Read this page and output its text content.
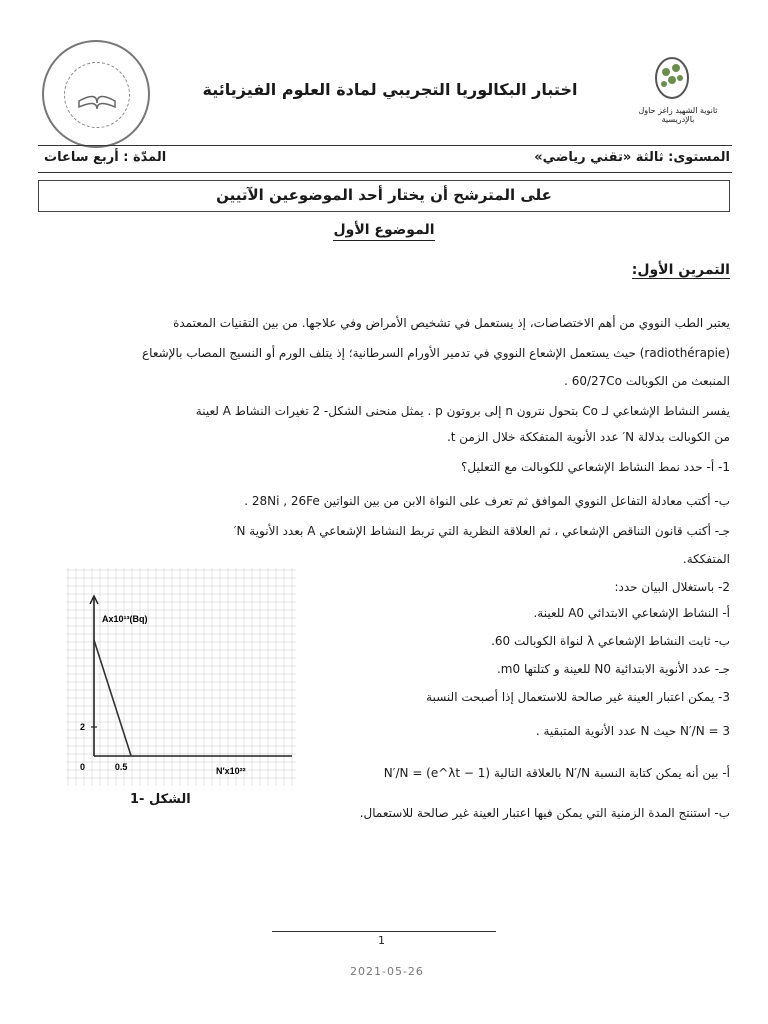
ثانوية الشهيد زاغز حاول بالإدريسية
اختبار البكالوريا التجريبي لمادة العلوم الفيزيائية
المستوى: ثالثة «تقني رياضي»
المدّة : أربع ساعات
على المترشح أن يختار أحد الموضوعين الآتيين
الموضوع الأول
التمرين الأول:
يعتبر الطب النووي من أهم الاختصاصات، إذ يستعمل في تشخيص الأمراض وفي علاجها. من بين التقنيات المعتمدة
(radiothérapie) حيث يستعمل الإشعاع النووي في تدمير الأورام السرطانية؛ إذ يتلف الورم أو النسيج المصاب بالإشعاع
المنبعث من الكوبالت 60/27Co .
يفسر النشاط الإشعاعي لـ Co بتحول نترون n إلى بروتون p . يمثل منحنى الشكل- 2 تغيرات النشاط A لعينة
من الكوبالت بدلالة N′ عدد الأنوية المتفككة خلال الزمن t.
1- أ- حدد نمط النشاط الإشعاعي للكوبالت مع التعليل؟
ب- أكتب معادلة التفاعل النووي الموافق ثم تعرف على النواة الابن من بين النواتين 28Ni , 26Fe .
جـ- أكتب قانون التناقص الإشعاعي ، ثم العلاقة النظرية التي تربط النشاط الإشعاعي A بعدد الأنوية N′
المتفككة.
2- باستغلال البيان حدد:
أ- النشاط الإشعاعي الابتدائي A0 للعينة.
ب- ثابت النشاط الإشعاعي λ لنواة الكوبالت 60.
جـ- عدد الأنوية الابتدائية N0 للعينة و كتلتها m0.
3- يمكن اعتبار العينة غير صالحة للاستعمال إذا أصبحت النسبة
N′/N = 3 حيث N عدد الأنوية المتبقية .
أ- بين أنه يمكن كتابة النسبة N′/N بالعلاقة التالية N′/N = (e^λt − 1)
ب- استنتج المدة الزمنية التي يمكن فيها اعتبار العينة غير صالحة للاستعمال.
Ax10¹³(Bq)
N′x10²²
0	0.5
2
الشكل -1
1
2021-05-26
